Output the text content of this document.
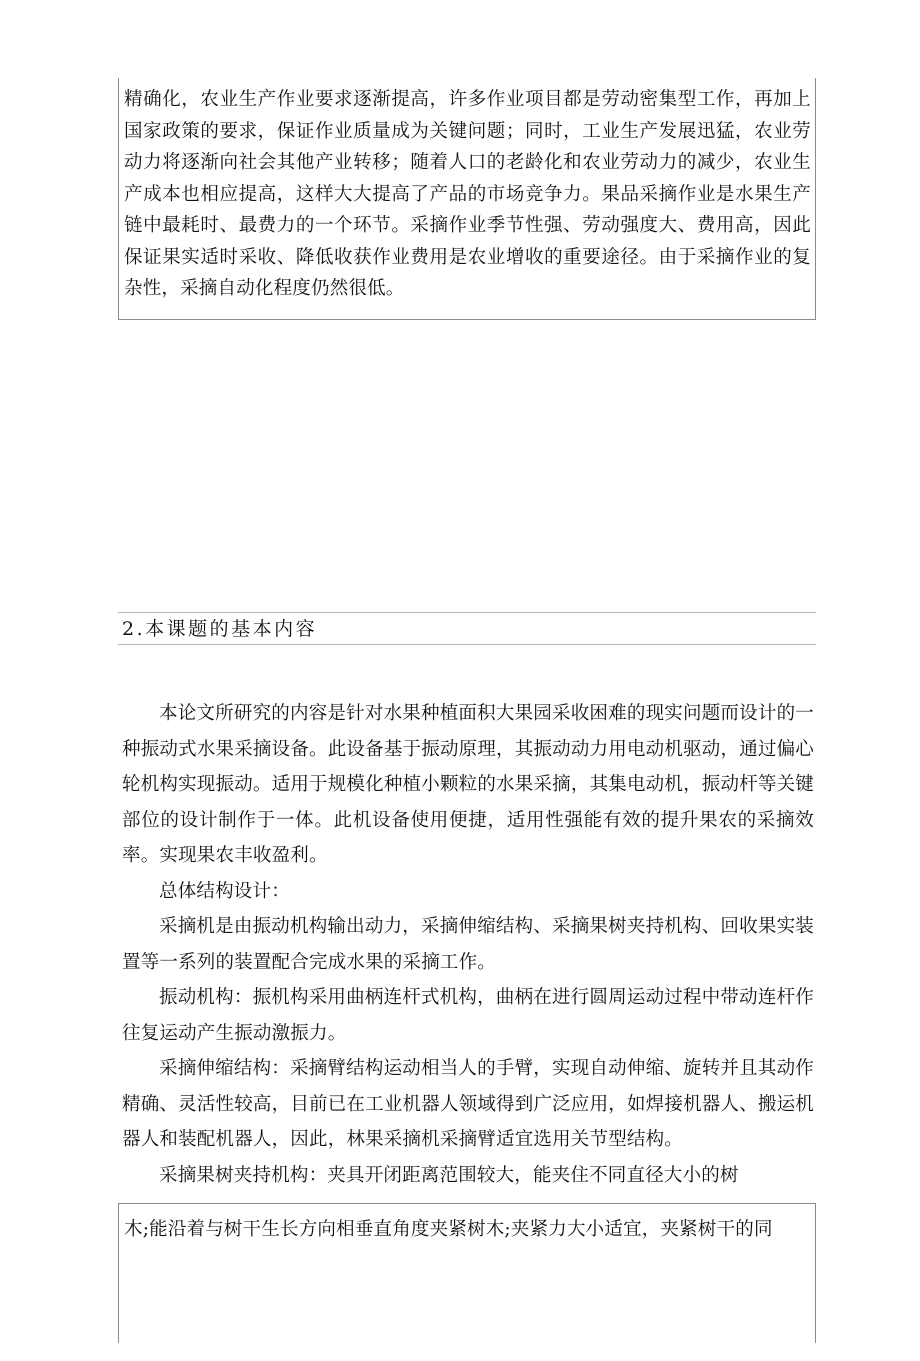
精确化，农业生产作业要求逐渐提高，许多作业项目都是劳动密集型工作，再加上国家政策的要求，保证作业质量成为关键问题；同时，工业生产发展迅猛，农业劳动力将逐渐向社会其他产业转移；随着人口的老龄化和农业劳动力的减少，农业生产成本也相应提高，这样大大提高了产品的市场竞争力。果品采摘作业是水果生产链中最耗时、最费力的一个环节。采摘作业季节性强、劳动强度大、费用高，因此保证果实适时采收、降低收获作业费用是农业增收的重要途径。由于采摘作业的复杂性，采摘自动化程度仍然很低。

2.本课题的基本内容

本论文所研究的内容是针对水果种植面积大果园采收困难的现实问题而设计的一种振动式水果采摘设备。此设备基于振动原理，其振动动力用电动机驱动，通过偏心轮机构实现振动。适用于规模化种植小颗粒的水果采摘，其集电动机，振动杆等关键部位的设计制作于一体。此机设备使用便捷，适用性强能有效的提升果农的采摘效率。实现果农丰收盈利。

总体结构设计：

采摘机是由振动机构输出动力，采摘伸缩结构、采摘果树夹持机构、回收果实装置等一系列的装置配合完成水果的采摘工作。

振动机构：振机构采用曲柄连杆式机构，曲柄在进行圆周运动过程中带动连杆作往复运动产生振动激振力。

采摘伸缩结构：采摘臂结构运动相当人的手臂，实现自动伸缩、旋转并且其动作精确、灵活性较高，目前已在工业机器人领域得到广泛应用，如焊接机器人、搬运机器人和装配机器人，因此，林果采摘机采摘臂适宜选用关节型结构。

采摘果树夹持机构：夹具开闭距离范围较大，能夹住不同直径大小的树

木;能沿着与树干生长方向相垂直角度夹紧树木;夹紧力大小适宜，夹紧树干的同
